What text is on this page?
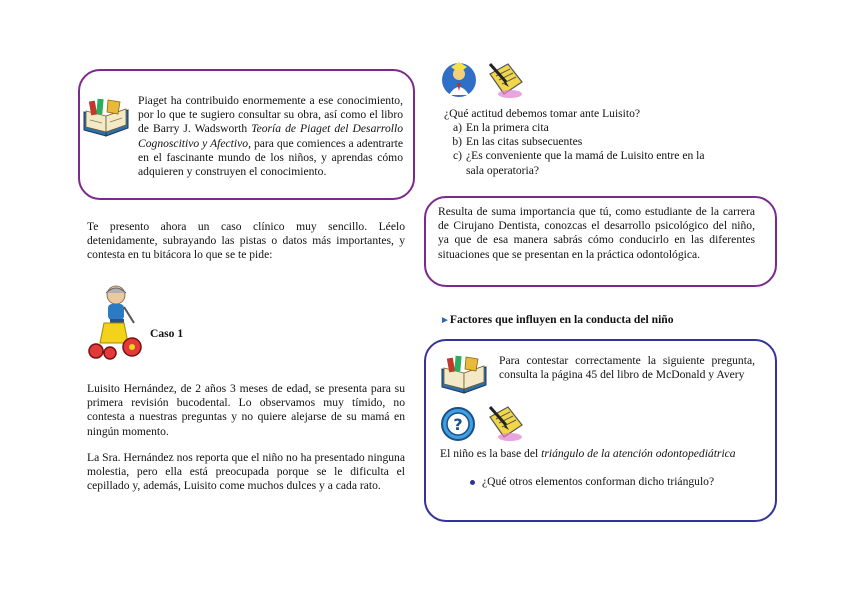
Piaget ha contribuido enormemente a ese conocimiento, por lo que te sugiero consultar su obra, así como el libro de Barry J. Wadsworth Teoría de Piaget del Desarrollo Cognoscitivo y Afectivo, para que comiences a adentrarte en el fascinante mundo de los niños, y aprendas cómo adquieren y construyen el conocimiento.
Te presento ahora un caso clínico muy sencillo. Léelo detenidamente, subrayando las pistas o datos más importantes, y contesta en tu bitácora lo que se te pide:
Caso 1
Luisito Hernández, de 2 años 3 meses de edad, se presenta para su primera revisión bucodental. Lo observamos muy tímido, no contesta a nuestras preguntas y no quiere alejarse de su mamá en ningún momento.
La Sra. Hernández nos reporta que el niño no ha presentado ninguna molestia, pero ella está preocupada porque se le dificulta el cepillado y, además, Luisito come muchos dulces y a cada rato.
¿Qué actitud debemos tomar ante Luisito?
a) En la primera cita
b) En las citas subsecuentes
c) ¿Es conveniente que la mamá de Luisito entre en la sala operatoria?
Resulta de suma importancia que tú, como estudiante de la carrera de Cirujano Dentista, conozcas el desarrollo psicológico del niño, ya que de esa manera sabrás cómo conducirlo en las diferentes situaciones que se presentan en la práctica odontológica.
►Factores que influyen en la conducta del niño
Para contestar correctamente la siguiente pregunta, consulta la página 45 del libro de McDonald y Avery
?
El niño es la base del triángulo de la atención odontopediátrica
¿Qué otros elementos conforman dicho triángulo?
